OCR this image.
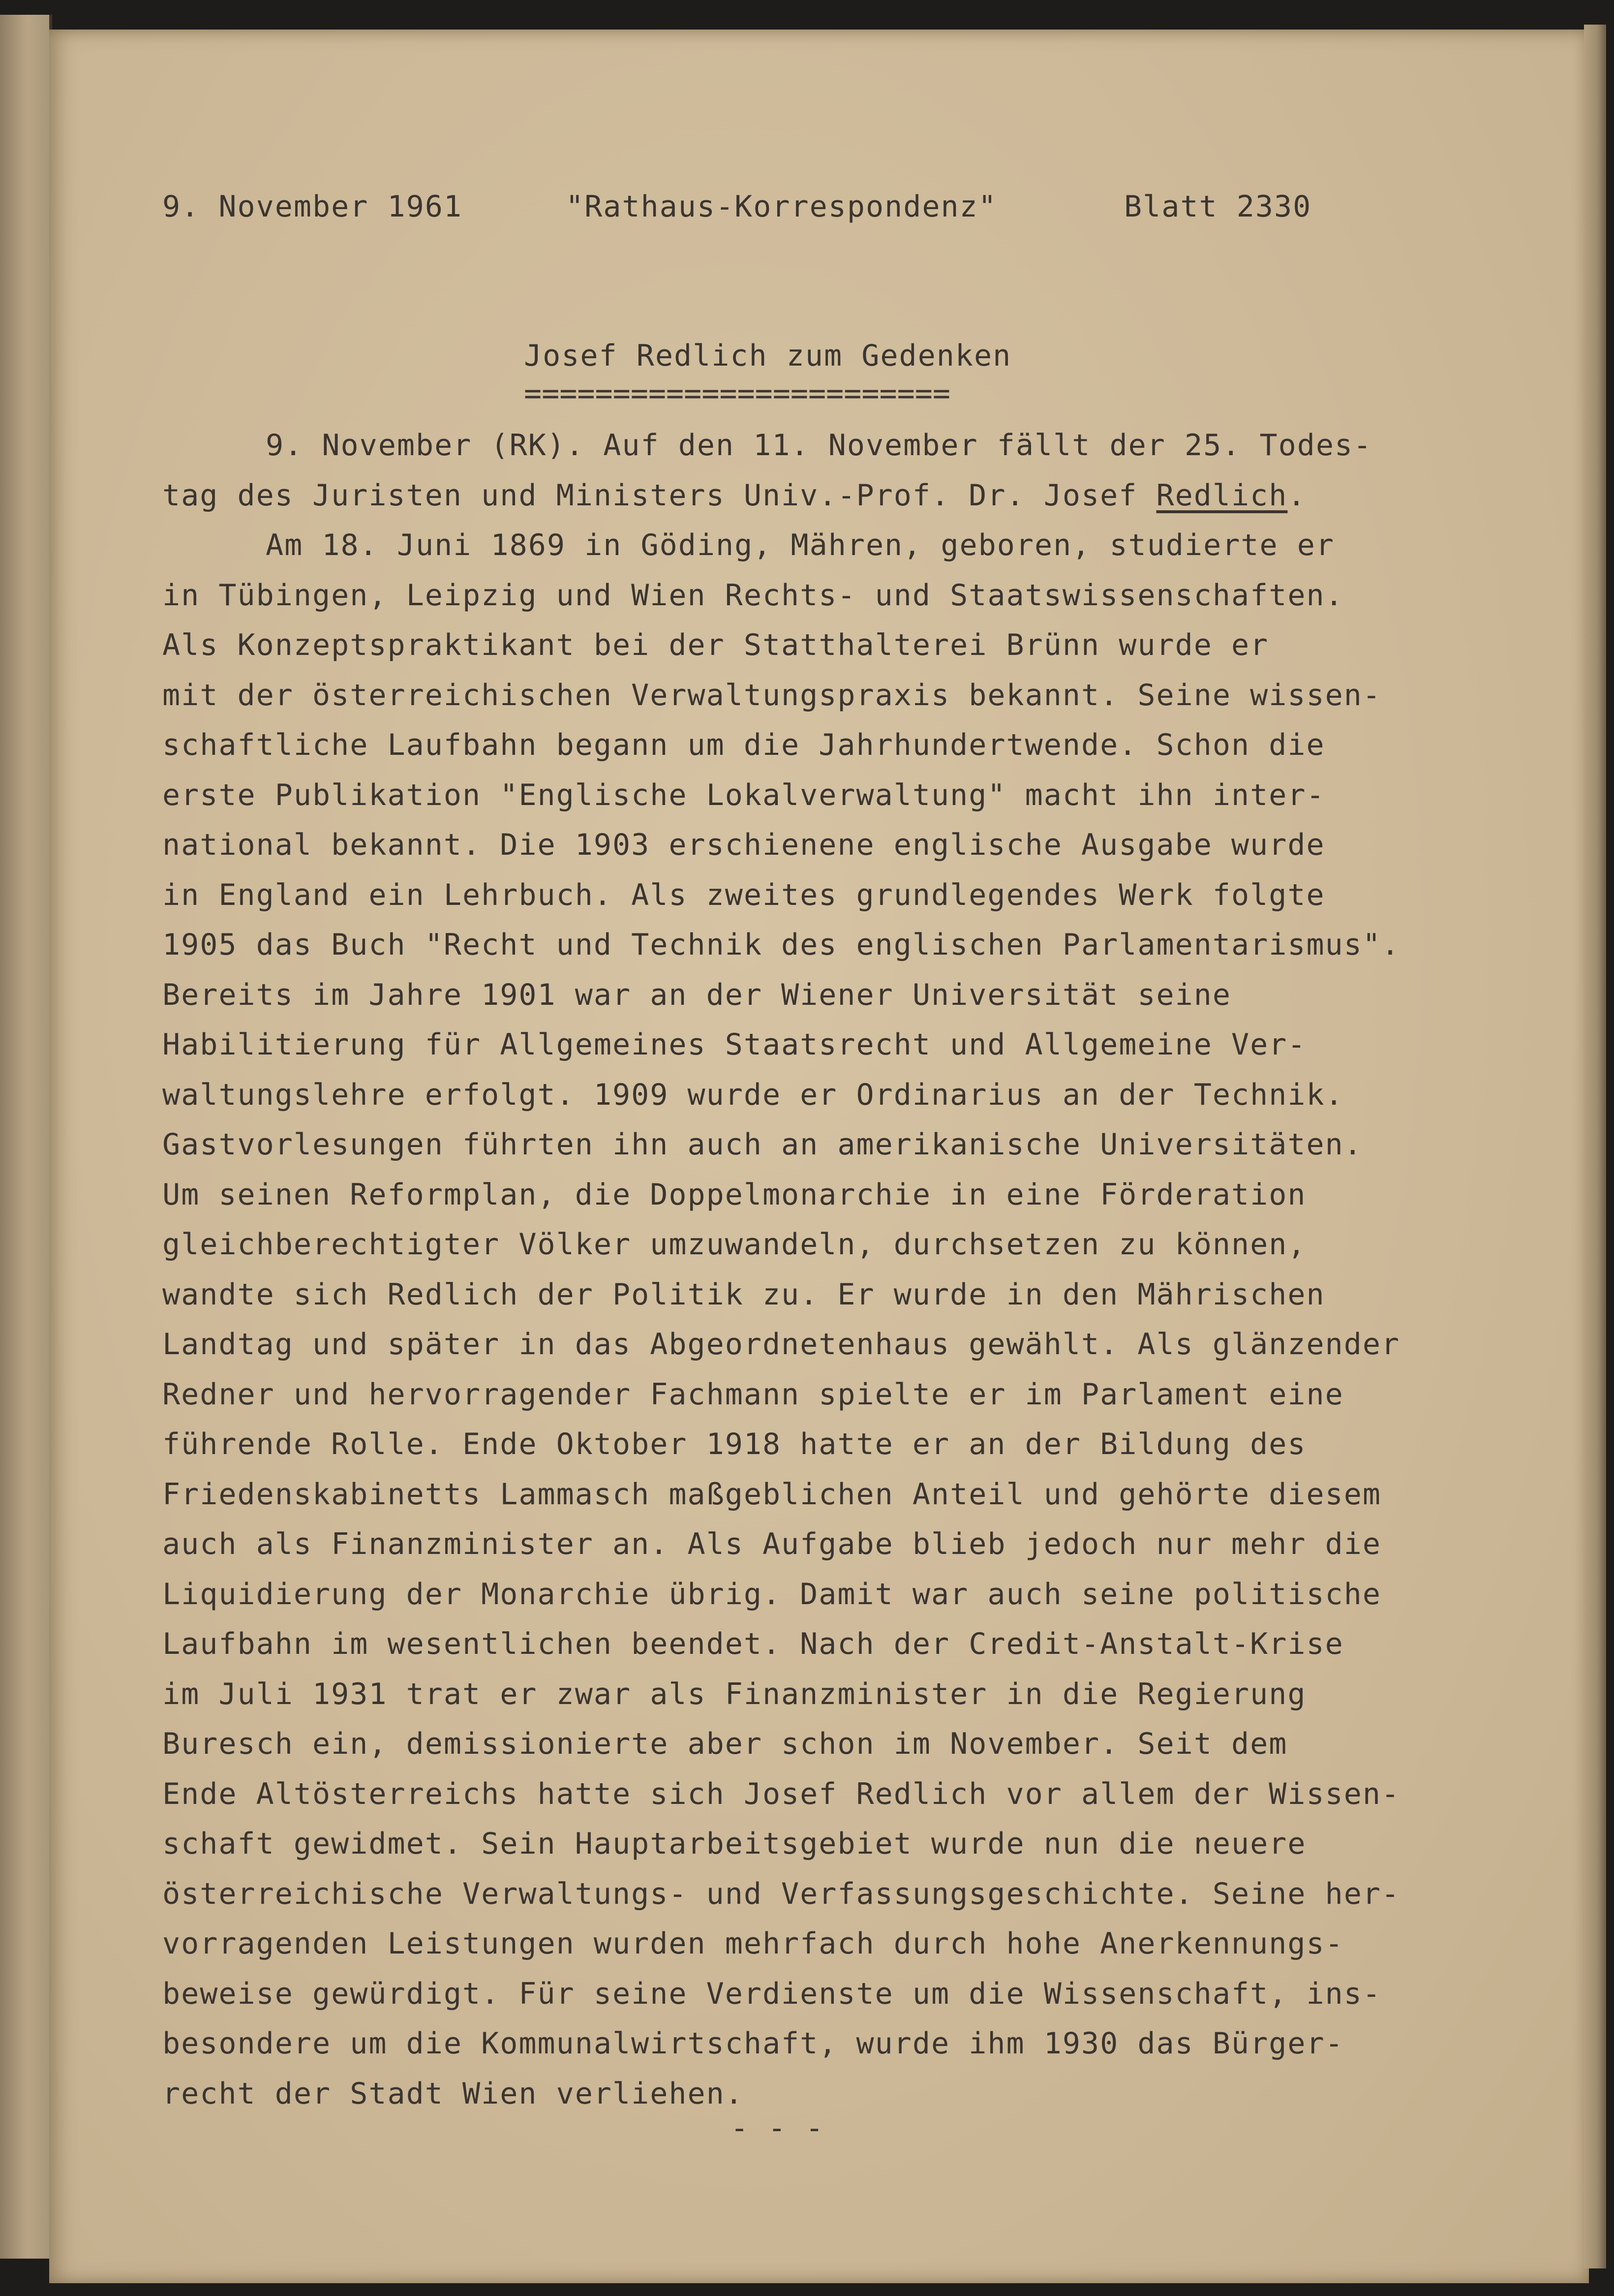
9. November 1961	"Rathaus-Korrespondenz"	Blatt 2330
Josef Redlich zum Gedenken
========================
9. November (RK). Auf den 11. November fällt der 25. Todes-
tag des Juristen und Ministers Univ.-Prof. Dr. Josef Redlich.
Am 18. Juni 1869 in Göding, Mähren, geboren, studierte er
in Tübingen, Leipzig und Wien Rechts- und Staatswissenschaften.
Als Konzeptspraktikant bei der Statthalterei Brünn wurde er
mit der österreichischen Verwaltungspraxis bekannt. Seine wissen-
schaftliche Laufbahn begann um die Jahrhundertwende. Schon die
erste Publikation "Englische Lokalverwaltung" macht ihn inter-
national bekannt. Die 1903 erschienene englische Ausgabe wurde
in England ein Lehrbuch. Als zweites grundlegendes Werk folgte
1905 das Buch "Recht und Technik des englischen Parlamentarismus".
Bereits im Jahre 1901 war an der Wiener Universität seine
Habilitierung für Allgemeines Staatsrecht und Allgemeine Ver-
waltungslehre erfolgt. 1909 wurde er Ordinarius an der Technik.
Gastvorlesungen führten ihn auch an amerikanische Universitäten.
Um seinen Reformplan, die Doppelmonarchie in eine Förderation
gleichberechtigter Völker umzuwandeln, durchsetzen zu können,
wandte sich Redlich der Politik zu. Er wurde in den Mährischen
Landtag und später in das Abgeordnetenhaus gewählt. Als glänzender
Redner und hervorragender Fachmann spielte er im Parlament eine
führende Rolle. Ende Oktober 1918 hatte er an der Bildung des
Friedenskabinetts Lammasch maßgeblichen Anteil und gehörte diesem
auch als Finanzminister an. Als Aufgabe blieb jedoch nur mehr die
Liquidierung der Monarchie übrig. Damit war auch seine politische
Laufbahn im wesentlichen beendet. Nach der Credit-Anstalt-Krise
im Juli 1931 trat er zwar als Finanzminister in die Regierung
Buresch ein, demissionierte aber schon im November. Seit dem
Ende Altösterreichs hatte sich Josef Redlich vor allem der Wissen-
schaft gewidmet. Sein Hauptarbeitsgebiet wurde nun die neuere
österreichische Verwaltungs- und Verfassungsgeschichte. Seine her-
vorragenden Leistungen wurden mehrfach durch hohe Anerkennungs-
beweise gewürdigt. Für seine Verdienste um die Wissenschaft, ins-
besondere um die Kommunalwirtschaft, wurde ihm 1930 das Bürger-
recht der Stadt Wien verliehen.
- - -
